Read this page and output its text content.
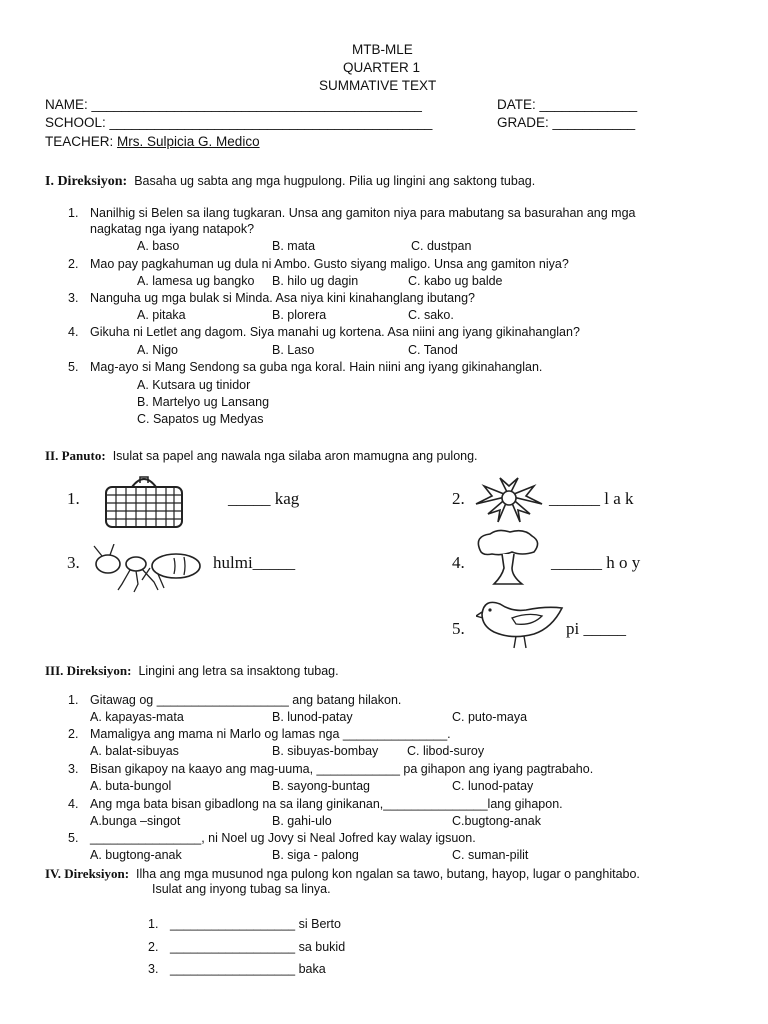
MTB-MLE
QUARTER 1
SUMMATIVE TEXT
NAME: ____________________________________________	DATE: _____________
SCHOOL: ___________________________________________	GRADE: ___________
TEACHER: Mrs. Sulpicia G. Medico
I. Direksiyon: Basaha ug sabta ang mga hugpulong. Pilia ug lingini ang saktong tubag.
1. Nanilhig si Belen sa ilang tugkaran. Unsa ang gamiton niya para mabutang sa basurahan ang mga
nagkatag nga iyang natapok?
A. baso	B. mata	C. dustpan
2. Mao pay pagkahuman ug dula ni Ambo. Gusto siyang maligo. Unsa ang gamiton niya?
A. lamesa ug bangko B. hilo ug dagin	C. kabo ug balde
3. Nanguha ug mga bulak si Minda. Asa niya kini kinahanglang ibutang?
A. pitaka	B. plorera	C. sako.
4. Gikuha ni Letlet ang dagom. Siya manahi ug kortena. Asa niini ang iyang gikinahanglan?
A. Nigo	B. Laso	C. Tanod
5. Mag-ayo si Mang Sendong sa guba nga koral. Hain niini ang iyang gikinahanglan.
A. Kutsara ug tinidor
B. Martelyo ug Lansang
C. Sapatos ug Medyas
II. Panuto: Isulat sa papel ang nawala nga silaba aron mamugna ang pulong.
1.	_____ kag	2.	______ l a k
3.	hulmi_____	4.	______ h o y
5.	pi _____
III. Direksiyon: Lingini ang letra sa insaktong tubag.
1. Gitawag og ___________________ ang batang hilakon.
A. kapayas-mata	B. lunod-patay	C. puto-maya
2. Mamaligya ang mama ni Marlo og lamas nga _______________.
A. balat-sibuyas	B. sibuyas-bombay C. libod-suroy
3. Bisan gikapoy na kaayo ang mag-uuma, ____________ pa gihapon ang iyang pagtrabaho.
A. buta-bungol	B. sayong-buntag	C. lunod-patay
4. Ang mga bata bisan gibadlong na sa ilang ginikanan,_______________lang gihapon.
A.bunga –singot	B. gahi-ulo	C.bugtong-anak
5. ________________, ni Noel ug Jovy si Neal Jofred kay walay igsuon.
A. bugtong-anak	B. siga - palong	C. suman-pilit
IV. Direksiyon: Ilha ang mga musunod nga pulong kon ngalan sa tawo, butang, hayop, lugar o panghitabo.
Isulat ang inyong tubag sa linya.
1. __________________ si Berto
2. __________________ sa bukid
3. __________________ baka
